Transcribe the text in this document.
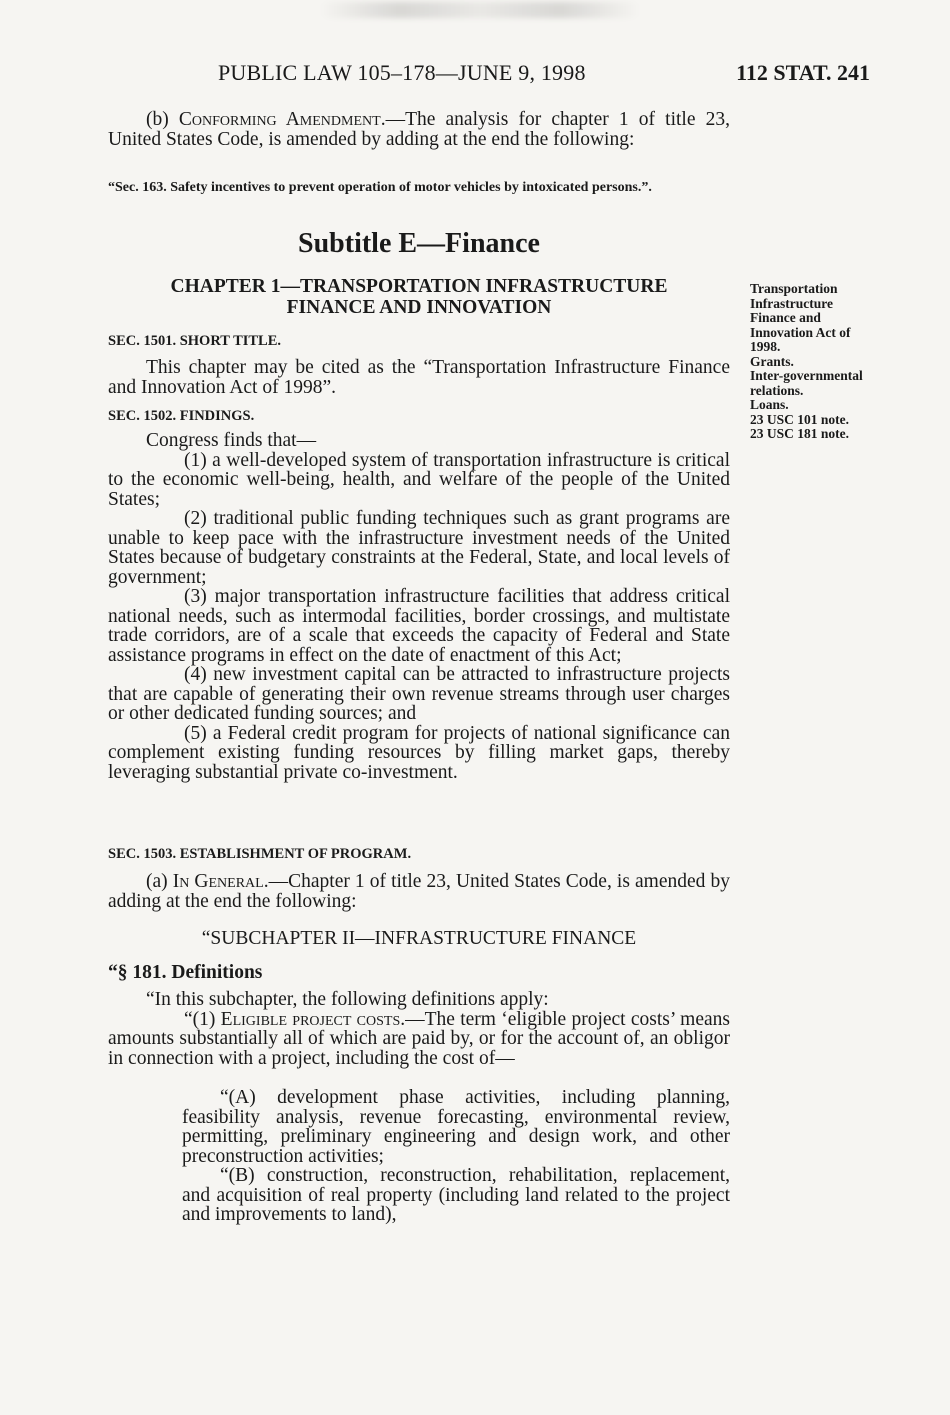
PUBLIC LAW 105–178—JUNE 9, 1998	112 STAT. 241
(b) Conforming Amendment.—The analysis for chapter 1 of title 23, United States Code, is amended by adding at the end the following:
“Sec. 163. Safety incentives to prevent operation of motor vehicles by intoxicated persons.”.
Subtitle E—Finance
CHAPTER 1—TRANSPORTATION INFRASTRUCTURE
FINANCE AND INNOVATION
SEC. 1501. SHORT TITLE.
This chapter may be cited as the “Transportation Infrastructure Finance and Innovation Act of 1998”.
SEC. 1502. FINDINGS.
Congress finds that—
(1) a well-developed system of transportation infrastructure is critical to the economic well-being, health, and welfare of the people of the United States;
(2) traditional public funding techniques such as grant programs are unable to keep pace with the infrastructure investment needs of the United States because of budgetary constraints at the Federal, State, and local levels of government;
(3) major transportation infrastructure facilities that address critical national needs, such as intermodal facilities, border crossings, and multistate trade corridors, are of a scale that exceeds the capacity of Federal and State assistance programs in effect on the date of enactment of this Act;
(4) new investment capital can be attracted to infrastructure projects that are capable of generating their own revenue streams through user charges or other dedicated funding sources; and
(5) a Federal credit program for projects of national significance can complement existing funding resources by filling market gaps, thereby leveraging substantial private co-investment.
SEC. 1503. ESTABLISHMENT OF PROGRAM.
(a) In General.—Chapter 1 of title 23, United States Code, is amended by adding at the end the following:
“SUBCHAPTER II—INFRASTRUCTURE FINANCE
“§ 181. Definitions
“In this subchapter, the following definitions apply:
“(1) Eligible project costs.—The term ‘eligible project costs’ means amounts substantially all of which are paid by, or for the account of, an obligor in connection with a project, including the cost of—
“(A) development phase activities, including planning, feasibility analysis, revenue forecasting, environmental review, permitting, preliminary engineering and design work, and other preconstruction activities;
“(B) construction, reconstruction, rehabilitation, replacement, and acquisition of real property (including land related to the project and improvements to land),
Transportation Infrastructure Finance and Innovation Act of 1998.
Grants.
Inter-governmental relations.
Loans.
23 USC 101 note.
23 USC 181 note.
